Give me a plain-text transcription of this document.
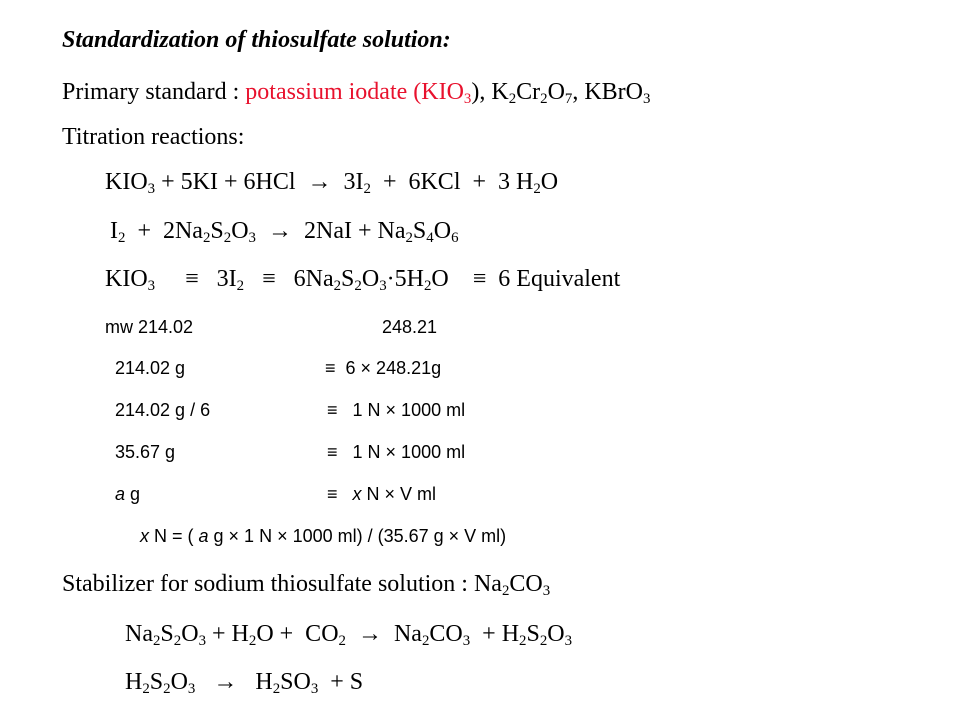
Standardization of thiosulfate solution:
Primary standard : potassium iodate $(KIO_3)$, $K_2Cr_2O_7$, KBrO$_3$
Titration reactions:
$KIO_3 + 5KI + 6HCl \to 3I_2 + 6KCl + 3$ $H_2O$
$I_2 + 2Na_2S_2O_3 \to 2NaI + Na_2S_4O_6$
$KIO_3 \equiv 3I_2 \equiv 6Na_2S_2O_3\cdot 5H_2O$    ≡ 6 Equivalent
mw 214.02	248.21
214.02 g	≡ 6 × 248.21g
214.02 g / 6	≡ 1 N × 1000 ml
35.67 g	≡ 1 N × 1000 ml
a g	≡ x N × V ml
x N = ( a g × 1 N × 1000 ml) / (35.67 g × V ml)
Stabilizer for sodium thiosulfate solution : $Na_2CO_3$
$Na_2S_2O_3 + H_2O + CO_2 \to Na_2CO_3 + H_2S_2O_3$
$H_2S_2O_3 \to H_2SO_3 + S$
